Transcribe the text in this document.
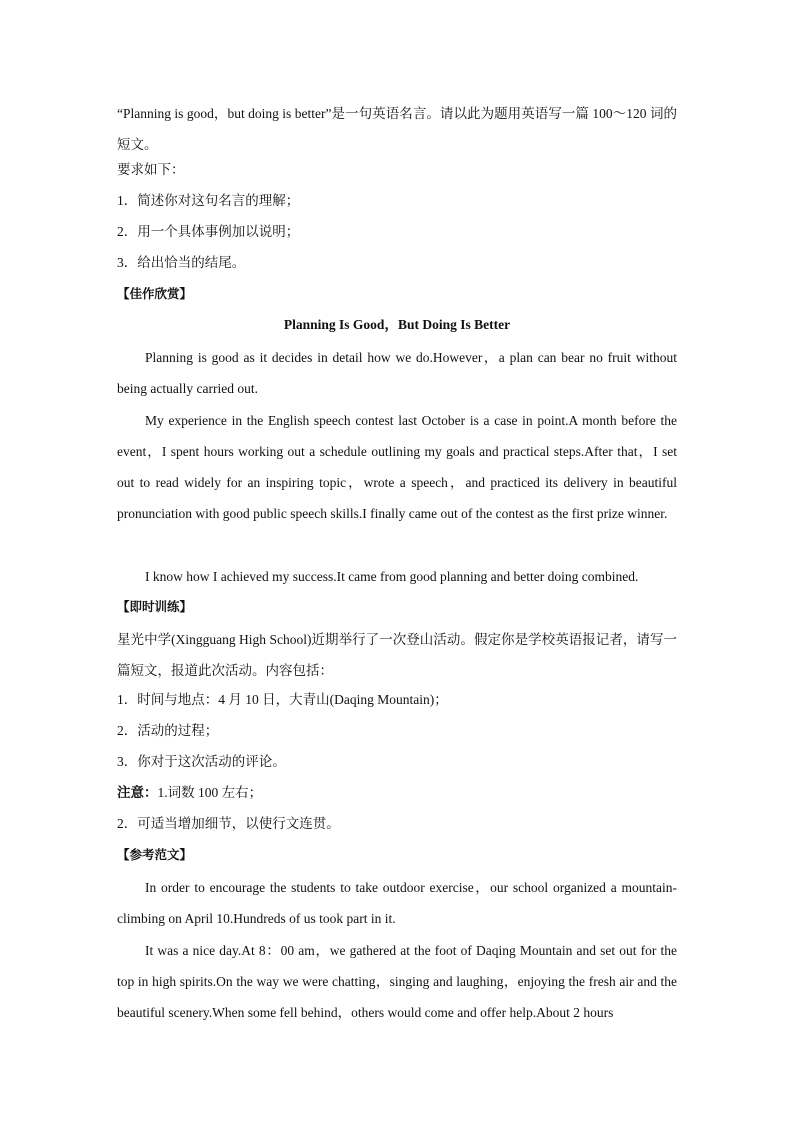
“Planning is good，but doing is better”是一句英语名言。请以此为题用英语写一篇 100～120 词的短文。
要求如下：
1．简述你对这句名言的理解；
2．用一个具体事例加以说明；
3．给出恰当的结尾。
【佳作欣赏】
Planning Is Good，But Doing Is Better
Planning is good as it decides in detail how we do.However，a plan can bear no fruit without being actually carried out.
My experience in the English speech contest last October is a case in point.A month before the event，I spent hours working out a schedule outlining my goals and practical steps.After that，I set out to read widely for an inspiring topic，wrote a speech，and practiced its delivery in beautiful pronunciation with good public speech skills.I finally came out of the contest as the first prize winner.
I know how I achieved my success.It came from good planning and better doing combined.
【即时训练】
星光中学(Xingguang High School)近期举行了一次登山活动。假定你是学校英语报记者，请写一篇短文，报道此次活动。内容包括：
1．时间与地点：4 月 10 日，大青山(Daqing Mountain)；
2．活动的过程；
3．你对于这次活动的评论。
注意：1.词数 100 左右；
2．可适当增加细节，以使行文连贯。
【参考范文】
In order to encourage the students to take outdoor exercise，our school organized a mountain-climbing on April 10.Hundreds of us took part in it.
It was a nice day.At 8：00 am，we gathered at the foot of Daqing Mountain and set out for the top in high spirits.On the way we were chatting，singing and laughing，enjoying the fresh air and the beautiful scenery.When some fell behind，others would come and offer help.About 2 hours
